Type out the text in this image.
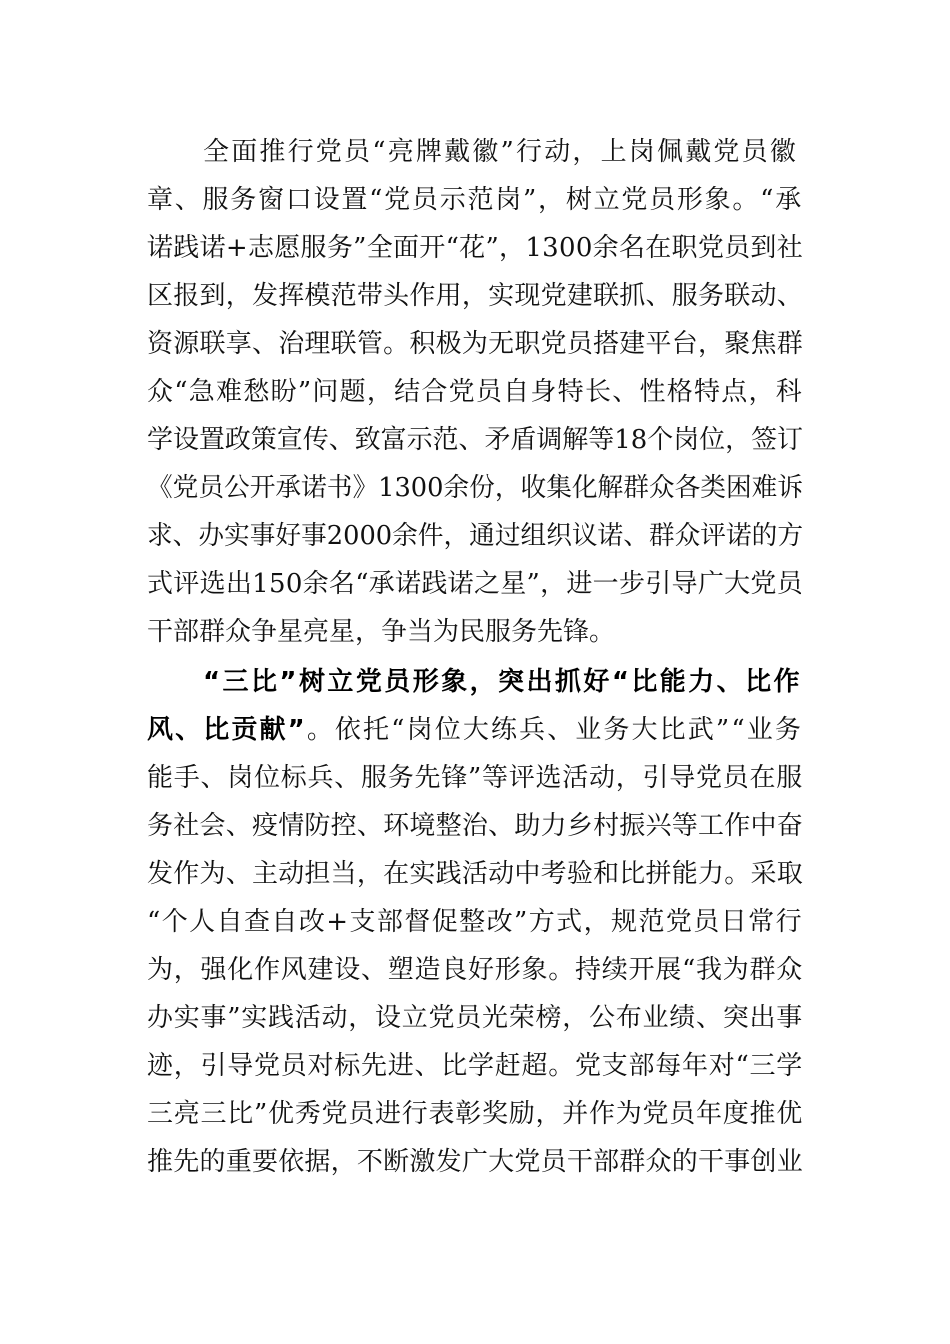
全面推行党员“亮牌戴徽”行动，上岗佩戴党员徽
章、服务窗口设置“党员示范岗”，树立党员形象。“承
诺践诺+志愿服务”全面开“花”，1300余名在职党员到社
区报到，发挥模范带头作用，实现党建联抓、服务联动、
资源联享、治理联管。积极为无职党员搭建平台，聚焦群
众“急难愁盼”问题，结合党员自身特长、性格特点，科
学设置政策宣传、致富示范、矛盾调解等18个岗位，签订
《党员公开承诺书》1300余份，收集化解群众各类困难诉
求、办实事好事2000余件，通过组织议诺、群众评诺的方
式评选出150余名“承诺践诺之星”，进一步引导广大党员
干部群众争星亮星，争当为民服务先锋。
“三比”树立党员形象，突出抓好“比能力、比作
风、比贡献”。依托“岗位大练兵、业务大比武”“业务
能手、岗位标兵、服务先锋”等评选活动，引导党员在服
务社会、疫情防控、环境整治、助力乡村振兴等工作中奋
发作为、主动担当，在实践活动中考验和比拼能力。采取
“个人自查自改+支部督促整改”方式，规范党员日常行
为，强化作风建设、塑造良好形象。持续开展“我为群众
办实事”实践活动，设立党员光荣榜，公布业绩、突出事
迹，引导党员对标先进、比学赶超。党支部每年对“三学
三亮三比”优秀党员进行表彰奖励，并作为党员年度推优
推先的重要依据，不断激发广大党员干部群众的干事创业
